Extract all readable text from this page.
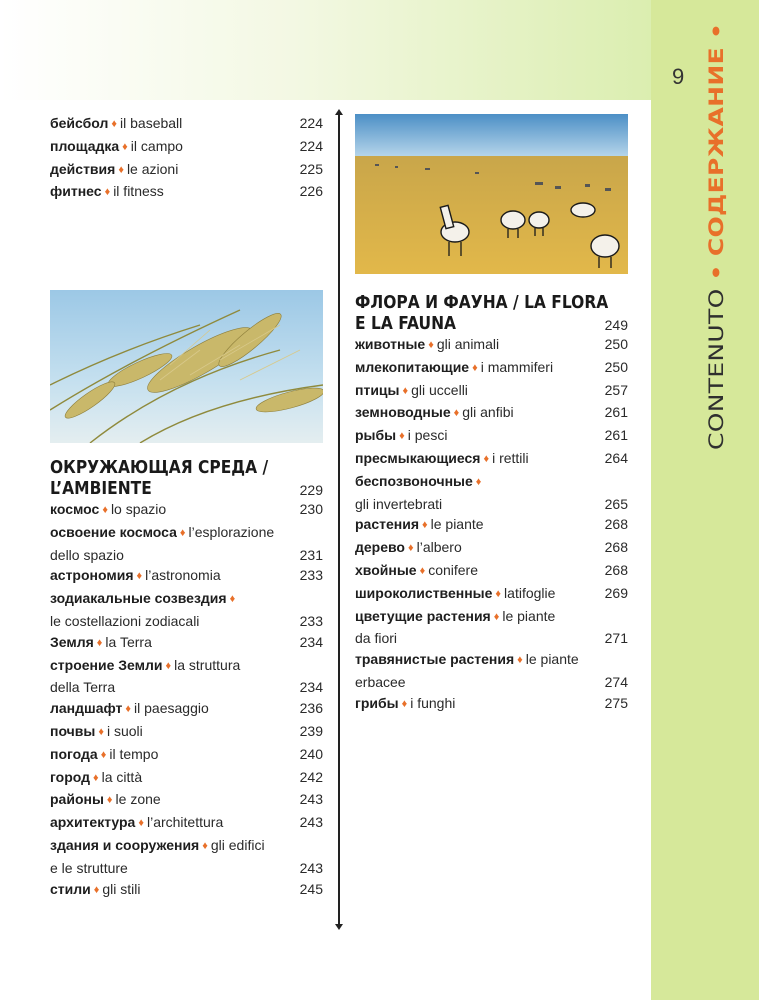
9
CONTENUTO•СОДЕРЖАНИЕ•
бейсбол ♦ il baseball	224
площадка ♦ il campo	224
действия ♦ le azioni	225
фитнес ♦ il fitness	226
ОКРУЖАЮЩАЯ СРЕДА /
L’AMBIENTE	229
космос ♦ lo spazio	230
освоение космоса ♦ l’esplorazione
dello spazio	231
астрономия ♦ l’astronomia	233
зодиакальные созвездия ♦
le costellazioni zodiacali	233
Земля ♦ la Terra	234
строение Земли ♦ la struttura
della Terra	234
ландшафт ♦ il paesaggio	236
почвы ♦ i suoli	239
погода ♦ il tempo	240
город ♦ la città	242
районы ♦ le zone	243
архитектура ♦ l’architettura	243
здания и сооружения ♦ gli edifici
e le strutture	243
стили ♦ gli stili	245
ФЛОРА И ФАУНА / LA FLORA
E LA FAUNA	249
животные ♦ gli animali	250
млекопитающие ♦ i mammiferi	250
птицы ♦ gli uccelli	257
земноводные ♦ gli anfibi	261
рыбы ♦ i pesci	261
пресмыкающиеся ♦ i rettili	264
беспозвоночные ♦
gli invertebrati	265
растения ♦ le piante	268
дерево ♦ l’albero	268
хвойные ♦ conifere	268
широколиственные ♦ latifoglie	269
цветущие растения ♦ le piante
da fiori	271
травянистые растения ♦ le piante
erbacee	274
грибы ♦ i funghi	275
